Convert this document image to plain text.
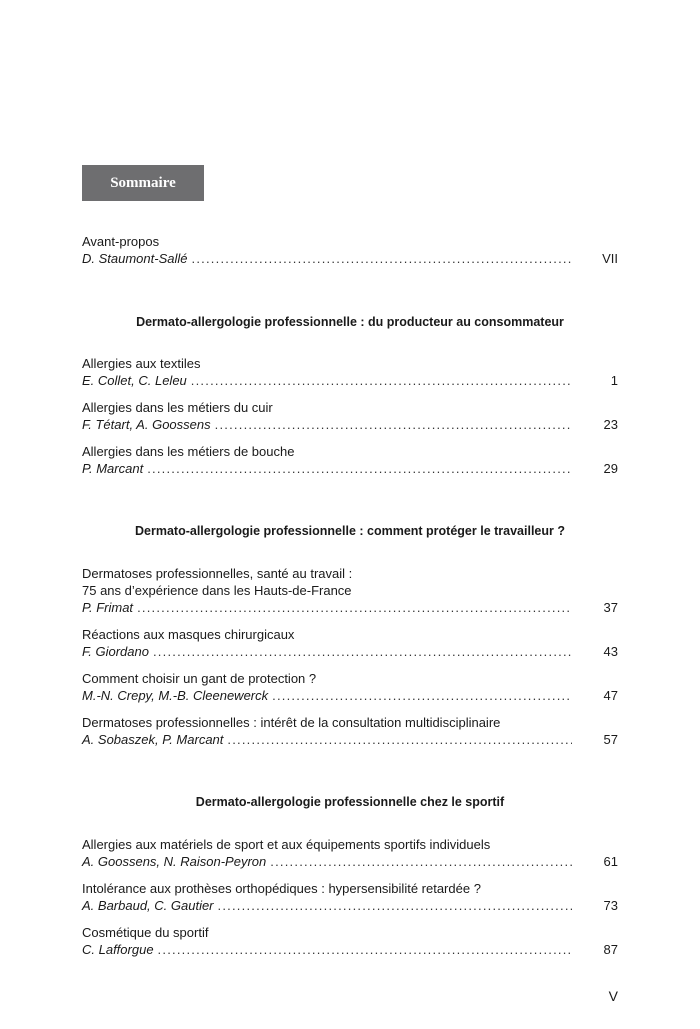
Sommaire
Avant-propos
D. Staumont-Sallé . . .	VII
Dermato-allergologie professionnelle : du producteur au consommateur
Allergies aux textiles
E. Collet, C. Leleu . . .	1
Allergies dans les métiers du cuir
F. Tétart, A. Goossens . . .	23
Allergies dans les métiers de bouche
P. Marcant . . .	29
Dermato-allergologie professionnelle : comment protéger le travailleur ?
Dermatoses professionnelles, santé au travail :
75 ans d’expérience dans les Hauts-de-France
P. Frimat . . .	37
Réactions aux masques chirurgicaux
F. Giordano . . .	43
Comment choisir un gant de protection ?
M.-N. Crepy, M.-B. Cleenewerck . . .	47
Dermatoses professionnelles : intérêt de la consultation multidisciplinaire
A. Sobaszek, P. Marcant . . .	57
Dermato-allergologie professionnelle chez le sportif
Allergies aux matériels de sport et aux équipements sportifs individuels
A. Goossens, N. Raison-Peyron . . .	61
Intolérance aux prothèses orthopédiques : hypersensibilité retardée ?
A. Barbaud, C. Gautier . . .	73
Cosmétique du sportif
C. Lafforgue . . .	87
V
